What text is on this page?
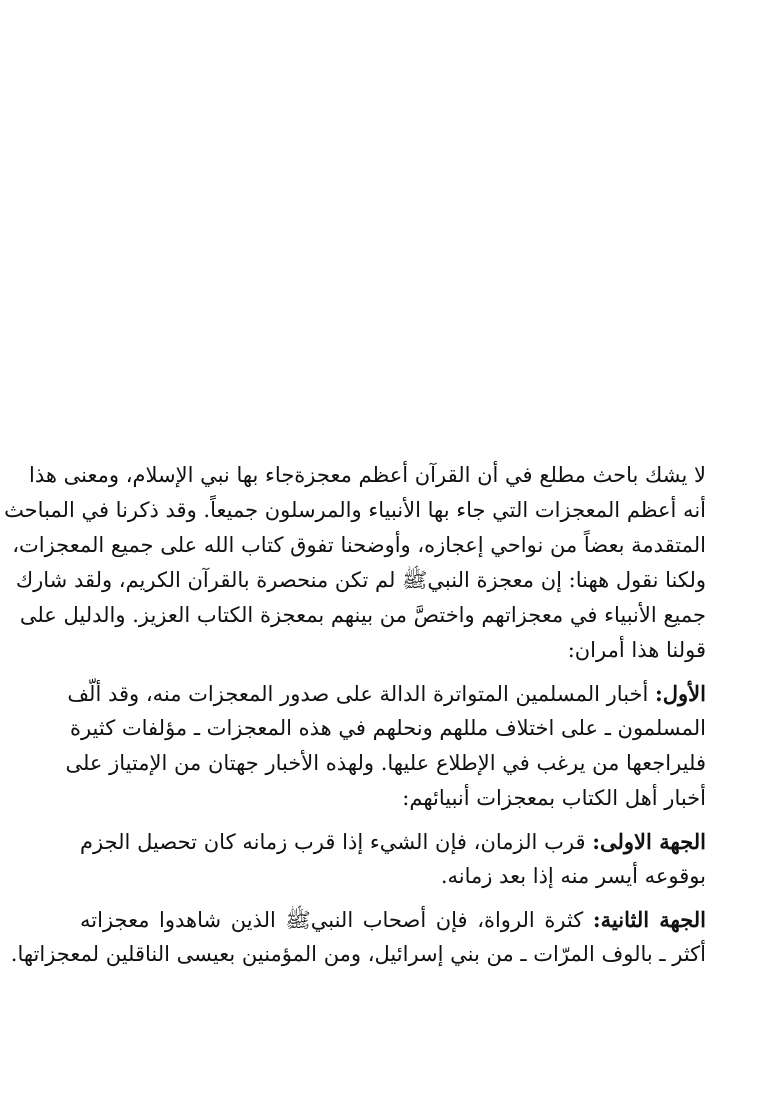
لا يشك باحث مطلع في أن القرآن أعظم معجزةجاء بها نبي الإسلام، ومعنى هذا
أنه أعظم المعجزات التي جاء بها الأنبياء والمرسلون جميعاً. وقد ذكرنا في المباحث
المتقدمة بعضاً من نواحي إعجازه، وأوضحنا تفوق كتاب الله على جميع المعجزات،
ولكنا نقول ههنا: إن معجزة النبيﷺ لم تكن منحصرة بالقرآن الكريم، ولقد شارك
جميع الأنبياء في معجزاتهم واختصَّ من بينهم بمعجزة الكتاب العزيز. والدليل على
قولنا هذا أمران:
الأول: أخبار المسلمين المتواترة الدالة على صدور المعجزات منه، وقد ألّف
المسلمون ـ على اختلاف مللهم ونحلهم في هذه المعجزات ـ مؤلفات كثيرة
فليراجعها من يرغب في الإطلاع عليها. ولهذه الأخبار جهتان من الإمتياز على
أخبار أهل الكتاب بمعجزات أنبيائهم:
الجهة الاولى: قرب الزمان، فإن الشيء إذا قرب زمانه كان تحصيل الجزم
بوقوعه أيسر منه إذا بعد زمانه.
الجهة الثانية: كثرة الرواة، فإن أصحاب النبيﷺ الذين شاهدوا معجزاته
أكثر ـ بالوف المرّات ـ من بني إسرائيل، ومن المؤمنين بعيسى الناقلين لمعجزاتها.
